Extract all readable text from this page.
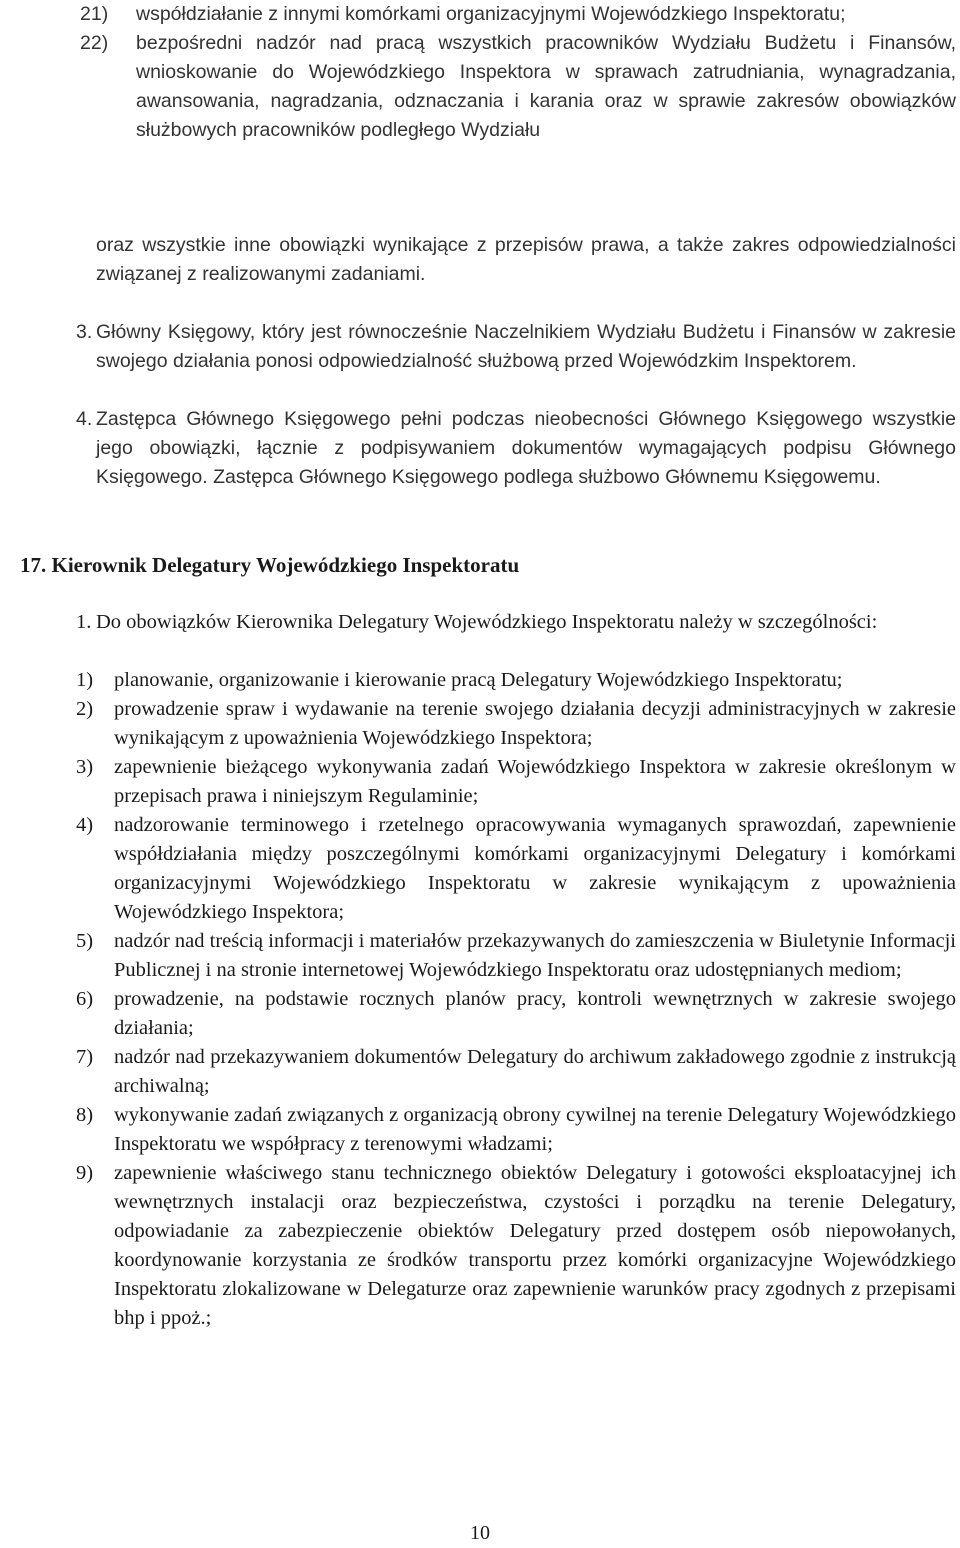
21) współdziałanie z innymi komórkami organizacyjnymi Wojewódzkiego Inspektoratu;
22) bezpośredni nadzór nad pracą wszystkich pracowników Wydziału Budżetu i Finansów, wnioskowanie do Wojewódzkiego Inspektora w sprawach zatrudniania, wynagradzania, awansowania, nagradzania, odznaczania i karania oraz w sprawie zakresów obowiązków służbowych pracowników podległego Wydziału
oraz wszystkie inne obowiązki wynikające z przepisów prawa, a także zakres odpowiedzialności związanej z realizowanymi zadaniami.
3. Główny Księgowy, który jest równocześnie Naczelnikiem Wydziału Budżetu i Finansów w zakresie swojego działania ponosi odpowiedzialność służbową przed Wojewódzkim Inspektorem.
4. Zastępca Głównego Księgowego pełni podczas nieobecności Głównego Księgowego wszystkie jego obowiązki, łącznie z podpisywaniem dokumentów wymagających podpisu Głównego Księgowego. Zastępca Głównego Księgowego podlega służbowo Głównemu Księgowemu.
17. Kierownik Delegatury Wojewódzkiego Inspektoratu
1. Do obowiązków Kierownika Delegatury Wojewódzkiego Inspektoratu należy w szczególności:
1) planowanie, organizowanie i kierowanie pracą Delegatury Wojewódzkiego Inspektoratu;
2) prowadzenie spraw i wydawanie na terenie swojego działania decyzji administracyjnych w zakresie wynikającym z upoważnienia Wojewódzkiego Inspektora;
3) zapewnienie bieżącego wykonywania zadań Wojewódzkiego Inspektora w zakresie określonym w przepisach prawa i niniejszym Regulaminie;
4) nadzorowanie terminowego i rzetelnego opracowywania wymaganych sprawozdań, zapewnienie współdziałania między poszczególnymi komórkami organizacyjnymi Delegatury i komórkami organizacyjnymi Wojewódzkiego Inspektoratu w zakresie wynikającym z upoważnienia Wojewódzkiego Inspektora;
5) nadzór nad treścią informacji i materiałów przekazywanych do zamieszczenia w Biuletynie Informacji Publicznej i na stronie internetowej Wojewódzkiego Inspektoratu oraz udostępnianych mediom;
6) prowadzenie, na podstawie rocznych planów pracy, kontroli wewnętrznych w zakresie swojego działania;
7) nadzór nad przekazywaniem dokumentów Delegatury do archiwum zakładowego zgodnie z instrukcją archiwalną;
8) wykonywanie zadań związanych z organizacją obrony cywilnej na terenie Delegatury Wojewódzkiego Inspektoratu we współpracy z terenowymi władzami;
9) zapewnienie właściwego stanu technicznego obiektów Delegatury i gotowości eksploatacyjnej ich wewnętrznych instalacji oraz bezpieczeństwa, czystości i porządku na terenie Delegatury, odpowiadanie za zabezpieczenie obiektów Delegatury przed dostępem osób niepowołanych, koordynowanie korzystania ze środków transportu przez komórki organizacyjne Wojewódzkiego Inspektoratu zlokalizowane w Delegaturze oraz zapewnienie warunków pracy zgodnych z przepisami bhp i ppoż.;
10
